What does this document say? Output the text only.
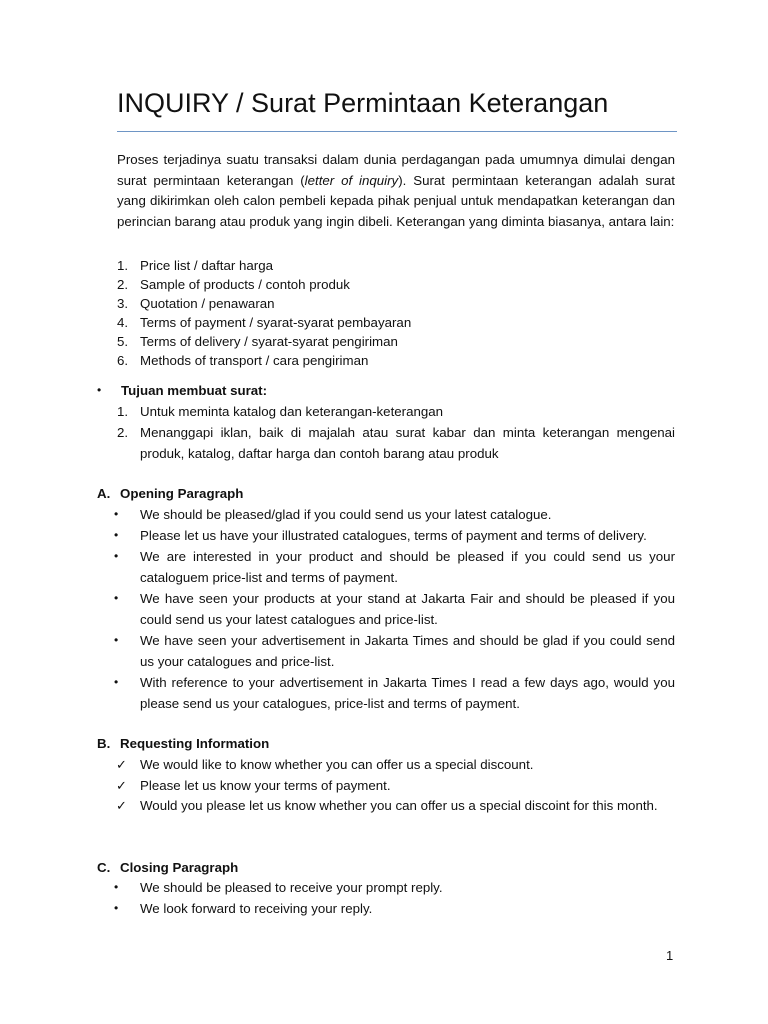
INQUIRY / Surat Permintaan Keterangan

Proses terjadinya suatu transaksi dalam dunia perdagangan pada umumnya dimulai dengan surat permintaan keterangan (letter of inquiry). Surat permintaan keterangan adalah surat yang dikirimkan oleh calon pembeli kepada pihak penjual untuk mendapatkan keterangan dan perincian barang atau produk yang ingin dibeli. Keterangan yang diminta biasanya, antara lain:

1. Price list / daftar harga
2. Sample of products / contoh produk
3. Quotation / penawaran
4. Terms of payment / syarat-syarat pembayaran
5. Terms of delivery / syarat-syarat pengiriman
6. Methods of transport / cara pengiriman
• Tujuan membuat surat:
1. Untuk meminta katalog dan keterangan-keterangan
2. Menanggapi iklan, baik di majalah atau surat kabar dan minta keterangan mengenai produk, katalog, daftar harga dan contoh barang atau produk
A. Opening Paragraph
• We should be pleased/glad if you could send us your latest catalogue.
• Please let us have your illustrated catalogues, terms of payment and terms of delivery.
• We are interested in your product and should be pleased if you could send us your cataloguem price-list and terms of payment.
• We have seen your products at your stand at Jakarta Fair and should be pleased if you could send us your latest catalogues and price-list.
• We have seen your advertisement in Jakarta Times and should be glad if you could send us your catalogues and price-list.
• With reference to your advertisement in Jakarta Times I read a few days ago, would you please send us your catalogues, price-list and terms of payment.
B. Requesting Information
✓ We would like to know whether you can offer us a special discount.
✓ Please let us know your terms of payment.
✓ Would you please let us know whether you can offer us a special discoint for this month.
C. Closing Paragraph
• We should be pleased to receive your prompt reply.
• We look forward to receiving your reply.
1
